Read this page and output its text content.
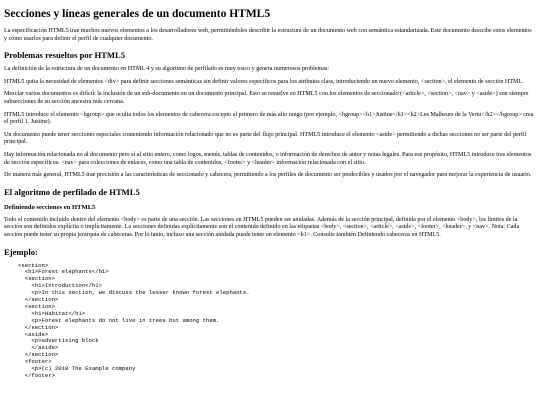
Secciones y líneas generales de un documento HTML5

La especificación HTML5 trae muchos nuevos elementos a los desarrolladores web, permitiéndoles describir la estructura de un documento web con semántica estandarizada. Este documento describe estos elementos y cómo usarlos para definir el perfil de cualquier documento.

Problemas resueltos por HTML5

La definición de la estructura de un documento en HTML 4 y su algoritmo de perfilado es muy tosco y genera numerosos problemas:

HTML5 quita la necesidad de elementos <div> para definir secciones semánticas sin definir valores específicos para los atributos class, introduciendo un nuevo elemento, <section>, el elemento de sección HTML.

Mezclar varios documentos es difícil: la inclusión de un sub-documento en un documento principal. Esto se resuelve en HTML5 con los elementos de seccionado (<article>, <section>, <nav> y <aside>) son siempre subsecciones de su sección ancestra más cercana.

HTML5 introduce el elemento <hgroup> que oculta todos los elementos de cabecera excepto el primero de más alto rango (por ejemplo, <hgroup><h1>Justine</h1><h2>Les Malheurs de la Vertu</h2></hgroup> crea el perfil 1. Justine).

Un documento puede tener secciones especiales conteniendo información relacionado que no es parte del flujo principal. HTML5 introduce el elemento <aside> permitiendo a dichas secciones no ser parte del perfil principal.

Hay información relacionada no al documento pero sí al sitio entero, como logos, menús, tablas de contenidos, o información de derechos de autor y notas legales. Para ese propósito, HTML5 introduce tres elementos de sección específicos: <nav> para colecciones de enlaces, como una tabla de contenidos, <footer> y <header> información relacionada con el sitio.

De manera más general, HTML5 trae precisión a las características de seccionado y cabecera, permitiendo a los perfiles de documento ser predecibles y usados por el navegador para mejorar la experiencia de usuario.

El algoritmo de perfilado de HTML5
Definiendo secciones en HTML5

Todo el contenido incluido dentro del elemento <body> es parte de una sección. Las secciones en HTML5 pueden ser anidadas. Además de la sección principal, definida por el elemento <body>, los límites de la sección son definidos explícita o implícitamente. La secciones definidas explícitamente son el contenido definido en las etiquetas <body>, <section>, <article>, <aside>, <footer>, <header>, y <nav>. Nota: Cada sección puede tener su propia jerarquía de cabeceras. Por lo tanto, incluso una sección anidada puede tener un elemento <h1>. Consulte también Definiendo cabeceras en HTML5.

Ejemplo:
<section>
<h1>Forest elephants</h1>
<section>
<h1>Introduction</h1>
<p>In this section, we discuss the lesser known forest elephants.
</section>
<section>
<h1>Habitat</h1>
<p>Forest elephants do not live in trees but among them.
</section>
<aside>
<p>advertising block
</aside>
</section>
<footer>
<p>(c) 2010 The Example company
</footer>
